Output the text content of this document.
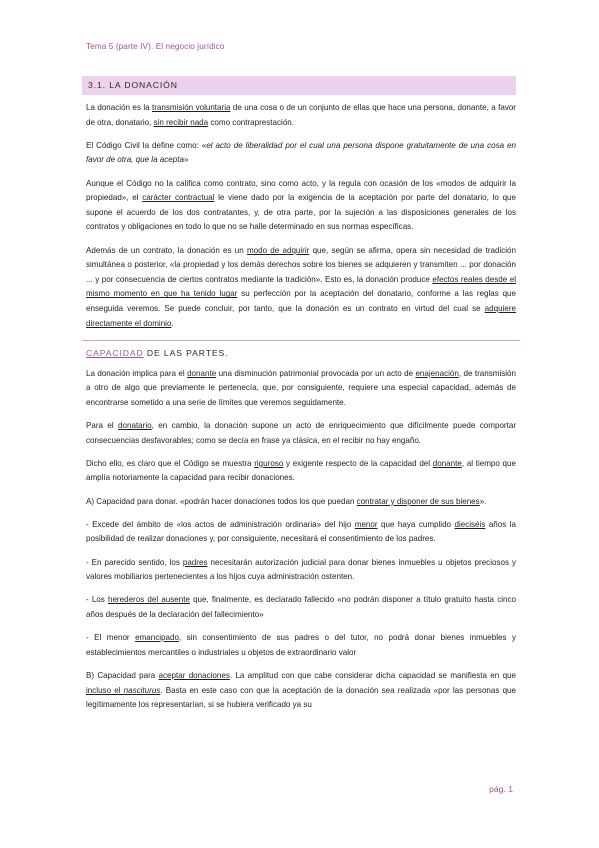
Tema 5 (parte IV). El negocio jurídico
3.1. LA DONACIÓN

La donación es la transmisión voluntaria de una cosa o de un conjunto de ellas que hace una persona, donante, a favor de otra, donatario, sin recibir nada como contraprestación.

El Código Civil la define como: «el acto de liberalidad por el cual una persona dispone gratuitamente de una cosa en favor de otra, que la acepta»

Aunque el Código no la califica como contrato, sino como acto, y la regula con ocasión de los «modos de adquirir la propiedad», el carácter contractual le viene dado por la exigencia de la aceptación por parte del donatario, lo que supone el acuerdo de los dos contratantes, y, de otra parte, por la sujeción a las disposiciones generales de los contratos y obligaciones en todo lo que no se halle determinado en sus normas específicas.

Además de un contrato, la donación es un modo de adquirir que, según se afirma, opera sin necesidad de tradición simultánea o posterior, «la propiedad y los demás derechos sobre los bienes se adquieren y transmiten ... por donación ... y por consecuencia de ciertos contratos mediante la tradición». Esto es, la donación produce efectos reales desde el mismo momento en que ha tenido lugar su perfección por la aceptación del donatario, conforme a las reglas que enseguida veremos. Se puede concluir, por tanto, que la donación es un contrato en virtud del cual se adquiere directamente el dominio.

CAPACIDAD DE LAS PARTES.

La donación implica para el donante una disminución patrimonial provocada por un acto de enajenación, de transmisión a otro de algo que previamente le pertenecía, que, por consiguiente, requiere una especial capacidad, además de encontrarse sometido a una serie de límites que veremos seguidamente.

Para el donatario, en cambio, la donación supone un acto de enriquecimiento que difícilmente puede comportar consecuencias desfavorables; como se decía en frase ya clásica, en el recibir no hay engaño.

Dicho ello, es claro que el Código se muestra riguroso y exigente respecto de la capacidad del donante, al tiempo que amplía notoriamente la capacidad para recibir donaciones.

A) Capacidad para donar. «podrán hacer donaciones todos los que puedan contratar y disponer de sus bienes».

- Excede del ámbito de «los actos de administración ordinaria» del hijo menor que haya cumplido dieciséis años la posibilidad de realizar donaciones y, por consiguiente, necesitará el consentimiento de los padres.

- En parecido sentido, los padres necesitarán autorización judicial para donar bienes inmuebles u objetos preciosos y valores mobiliarios pertenecientes a los hijos cuya administración ostenten.

- Los herederos del ausente que, finalmente, es declarado fallecido «no podrán disponer a título gratuito hasta cinco años después de la declaración del fallecimiento»

- El menor emancipado, sin consentimiento de sus padres o del tutor, no podrá donar bienes inmuebles y establecimientos mercantiles o industriales u objetos de extraordinario valor

B) Capacidad para aceptar donaciones. La amplitud con que cabe considerar dicha capacidad se manifiesta en que incluso el nasciturus. Basta en este caso con que la aceptación de la donación sea realizada «por las personas que legítimamente los representarían, si se hubiera verificado ya su

pág. 1
